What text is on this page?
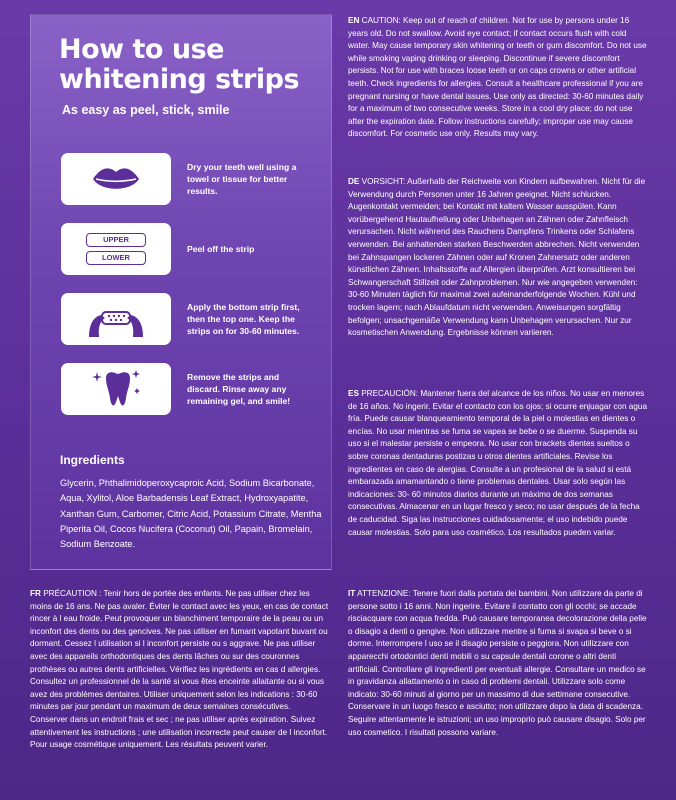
How to use
whitening strips
As easy as peel, stick, smile
Dry your teeth well using a towel or tissue for better results.
UPPER
LOWER
Peel off the strip
Apply the bottom strip first, then the top one. Keep the strips on for 30-60 minutes.
Remove the strips and discard. Rinse away any remaining gel, and smile!
Ingredients
Glycerin, Phthalimidoperoxycaproic Acid, Sodium Bicarbonate, Aqua, Xylitol, Aloe Barbadensis Leaf Extract, Hydroxyapatite, Xanthan Gum, Carbomer, Citric Acid, Potassium Citrate, Mentha Piperita Oil, Cocos Nucifera (Coconut) Oil, Papain, Bromelain, Sodium Benzoate.
EN CAUTION: Keep out of reach of children. Not for use by persons under 16 years old. Do not swallow. Avoid eye contact; if contact occurs flush with cold water. May cause temporary skin whitening or teeth or gum discomfort. Do not use while smoking vaping drinking or sleeping. Discontinue if severe discomfort persists. Not for use with braces loose teeth or on caps crowns or other artificial teeth. Check ingredients for allergies. Consult a healthcare professional if you are pregnant nursing or have dental issues. Use only as directed: 30-60 minutes daily for a maximum of two consecutive weeks. Store in a cool dry place; do not use after the expiration date. Follow instructions carefully; improper use may cause discomfort. For cosmetic use only. Results may vary.
DE VORSICHT: Außerhalb der Reichweite von Kindern aufbewahren. Nicht für die Verwendung durch Personen unter 16 Jahren geeignet. Nicht schlucken. Augenkontakt vermeiden; bei Kontakt mit kaltem Wasser ausspülen. Kann vorübergehend Hautaufhellung oder Unbehagen an Zähnen oder Zahnfleisch verursachen. Nicht während des Rauchens Dampfens Trinkens oder Schlafens verwenden. Bei anhaltenden starken Beschwerden abbrechen. Nicht verwenden bei Zahnspangen lockeren Zähnen oder auf Kronen Zahnersatz oder anderen künstlichen Zähnen. Inhaltsstoffe auf Allergien überprüfen. Arzt konsultieren bei Schwangerschaft Stillzeit oder Zahnproblemen. Nur wie angegeben verwenden: 30-60 Minuten täglich für maximal zwei aufeinanderfolgende Wochen. Kühl und trocken lagern; nach Ablaufdatum nicht verwenden. Anweisungen sorgfältig befolgen; unsachgemäße Verwendung kann Unbehagen verursachen. Nur zur kosmetischen Anwendung. Ergebnisse können variieren.
ES PRECAUCIÓN: Mantener fuera del alcance de los niños. No usar en menores de 16 años. No ingerir. Evitar el contacto con los ojos; si ocurre enjuagar con agua fría. Puede causar blanqueamiento temporal de la piel o molestias en dientes o encías. No usar mientras se fuma se vapea se bebe o se duerme. Suspenda su uso si el malestar persiste o empeora. No usar con brackets dientes sueltos o sobre coronas dentaduras postizas u otros dientes artificiales. Revise los ingredientes en caso de alergias. Consulte a un profesional de la salud si está embarazada amamantando o tiene problemas dentales. Usar solo según las indicaciones: 30- 60 minutos diarios durante un máximo de dos semanas consecutivas. Almacenar en un lugar fresco y seco; no usar después de la fecha de caducidad. Siga las instrucciones cuidadosamente; el uso indebido puede causar molestias. Solo para uso cosmético. Los resultados pueden variar.
FR PRÉCAUTION : Tenir hors de portée des enfants. Ne pas utiliser chez les moins de 16 ans. Ne pas avaler. Éviter le contact avec les yeux, en cas de contact rincer à l eau froide. Peut provoquer un blanchiment temporaire de la peau ou un inconfort des dents ou des gencives. Ne pas utiliser en fumant vapotant buvant ou dormant. Cessez l utilisation si l inconfort persiste ou s aggrave. Ne pas utiliser avec des appareils orthodontiques des dents lâches ou sur des couronnes prothèses ou autres dents artificielles. Vérifiez les ingrédients en cas d allergies. Consultez un professionnel de la santé si vous êtes enceinte allaitante ou si vous avez des problèmes dentaires. Utiliser uniquement selon les indications : 30-60 minutes par jour pendant un maximum de deux semaines consécutives. Conserver dans un endroit frais et sec ; ne pas utiliser après expiration. Suivez attentivement les instructions ; une utilisation incorrecte peut causer de l inconfort. Pour usage cosmétique uniquement. Les résultats peuvent varier.
IT ATTENZIONE: Tenere fuori dalla portata dei bambini. Non utilizzare da parte di persone sotto i 16 anni. Non ingerire. Evitare il contatto con gli occhi; se accade risciacquare con acqua fredda. Può causare temporanea decolorazione della pelle o disagio a denti o gengive. Non utilizzare mentre si fuma si svapa si beve o si dorme. Interrompere l uso se il disagio persiste o peggiora. Non utilizzare con apparecchi ortodontici denti mobili o su capsule dentali corone o altri denti artificiali. Controllare gli ingredienti per eventuali allergie. Consultare un medico se in gravidanza allattamento o in caso di problemi dentali. Utilizzare solo come indicato: 30-60 minuti al giorno per un massimo di due settimane consecutive. Conservare in un luogo fresco e asciutto; non utilizzare dopo la data di scadenza. Seguire attentamente le istruzioni; un uso improprio può causare disagio. Solo per uso cosmetico. I risultati possono variare.
